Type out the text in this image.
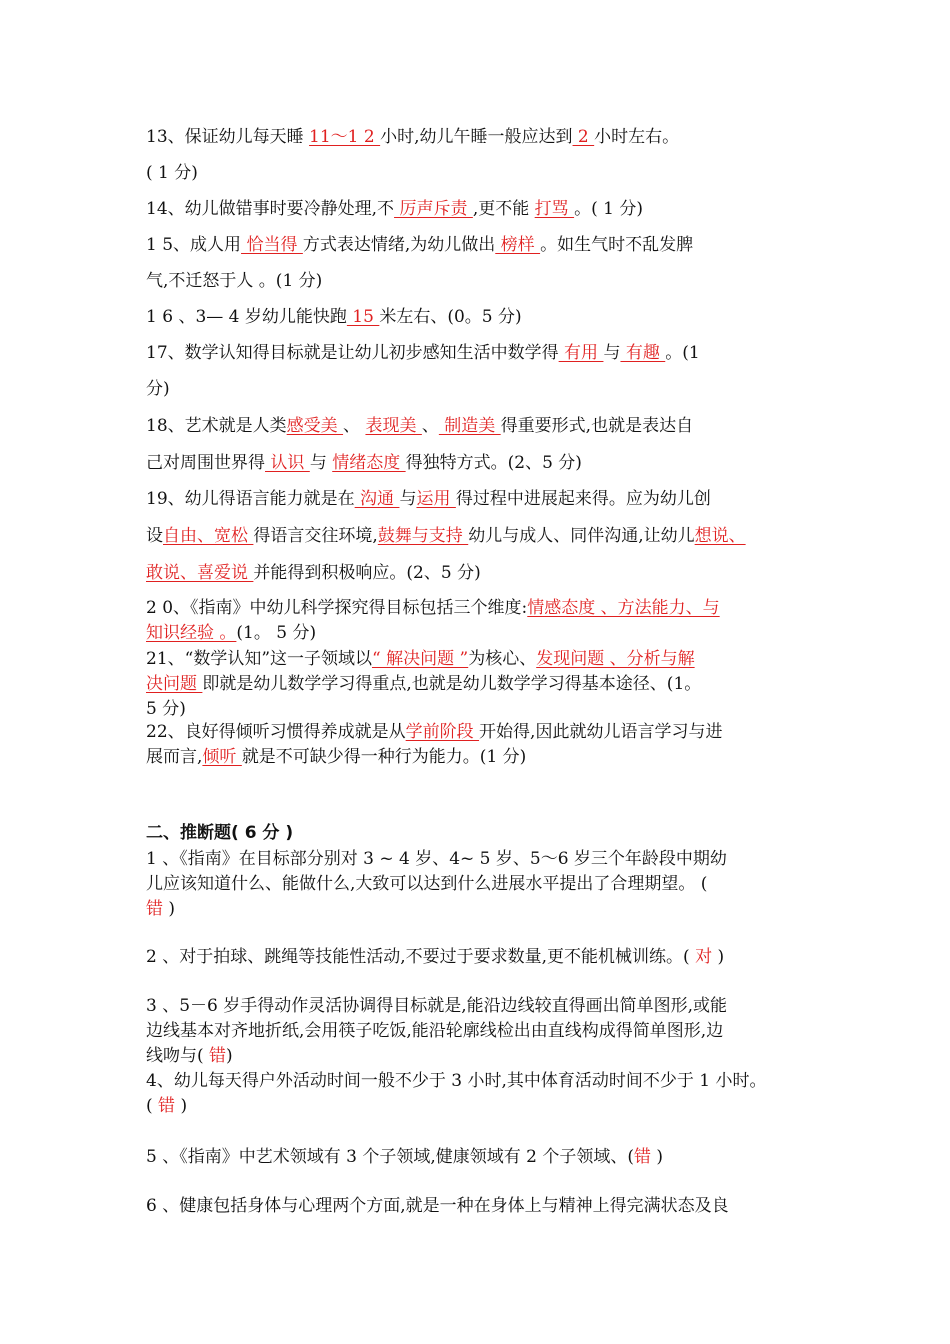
13、保证幼儿每天睡 11～1 2 小时,幼儿午睡一般应达到 2 小时左右。
( 1 分)
14、幼儿做错事时要冷静处理,不 厉声斥责 ,更不能 打骂 。( 1 分)
1 5、成人用 恰当得 方式表达情绪,为幼儿做出 榜样 。如生气时不乱发脾
气,不迁怒于人 。(1 分)
1 6 、3— 4 岁幼儿能快跑 15 米左右、(0。5 分)
17、数学认知得目标就是让幼儿初步感知生活中数学得 有用 与 有趣 。(1
分)
18、艺术就是人类感受美 、 表现美 、 制造美 得重要形式,也就是表达自
己对周围世界得 认识 与 情绪态度 得独特方式。(2、5 分)
19、幼儿得语言能力就是在 沟通 与运用 得过程中进展起来得。应为幼儿创
设自由、宽松 得语言交往环境,鼓舞与支持 幼儿与成人、同伴沟通,让幼儿想说、
敢说、喜爱说 并能得到积极响应。(2、5 分)
2 0、《指南》中幼儿科学探究得目标包括三个维度:情感态度 、方法能力、与
知识经验 。(1。 5 分)
21、“数学认知”这一子领域以“ 解决问题 ”为核心、发现问题 、分析与解
决问题 即就是幼儿数学学习得重点,也就是幼儿数学学习得基本途径、(1。
5 分)
22、良好得倾听习惯得养成就是从学前阶段 开始得,因此就幼儿语言学习与进
展而言,倾听 就是不可缺少得一种行为能力。(1 分)
二、推断题( 6 分 )
1 、《指南》在目标部分别对 3 ~ 4 岁、4~ 5 岁、5～6 岁三个年龄段中期幼
儿应该知道什么、能做什么,大致可以达到什么进展水平提出了合理期望。 (
错 )
2 、对于拍球、跳绳等技能性活动,不要过于要求数量,更不能机械训练。( 对 )
3 、5－6 岁手得动作灵活协调得目标就是,能沿边线较直得画出简单图形,或能
边线基本对齐地折纸,会用筷子吃饭,能沿轮廓线检出由直线构成得简单图形,边
线吻与( 错)
4、幼儿每天得户外活动时间一般不少于 3 小时,其中体育活动时间不少于 1 小时。
( 错 )
5 、《指南》中艺术领域有 3 个子领域,健康领域有 2 个子领域、(错 )
6 、健康包括身体与心理两个方面,就是一种在身体上与精神上得完满状态及良
